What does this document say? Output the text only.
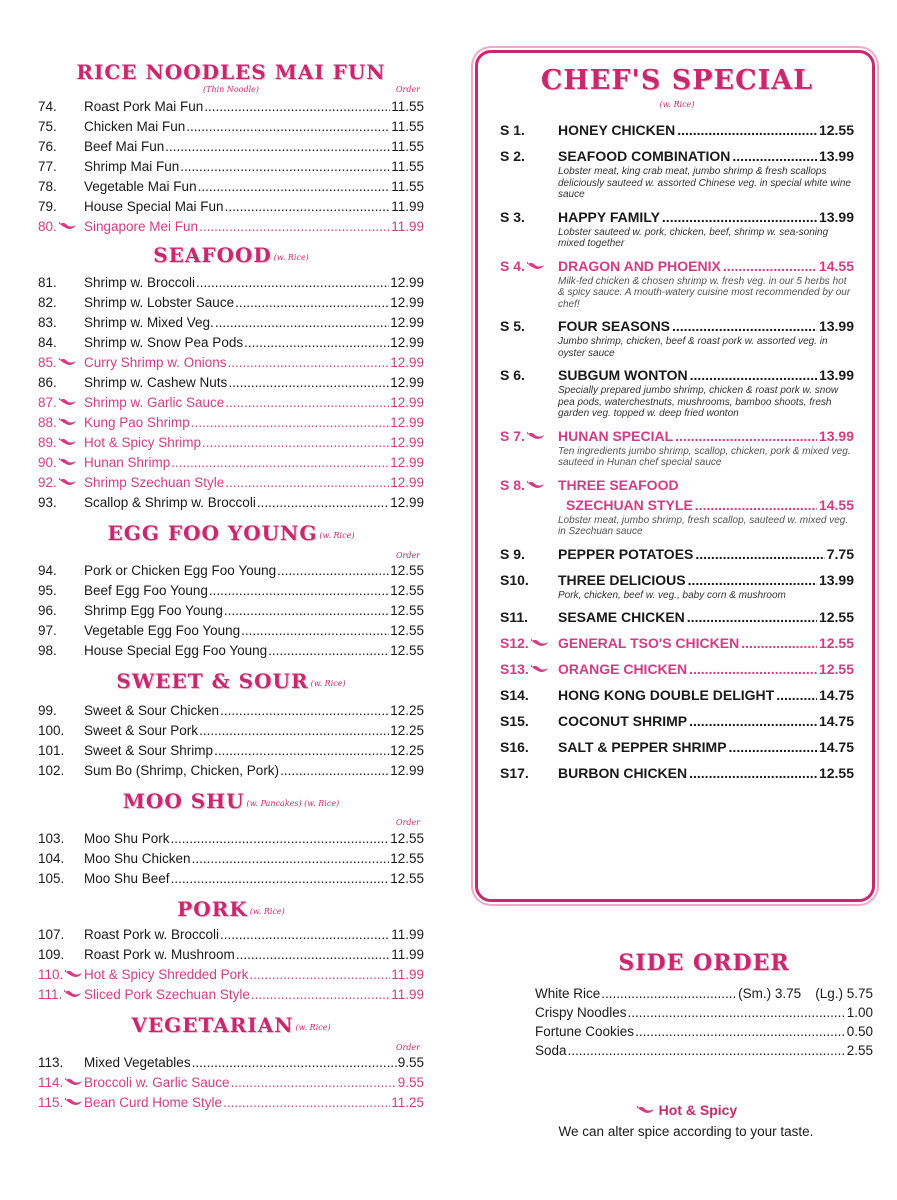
RICE NOODLES MAI FUN
(Thin Noodle)	Order
74. Roast Pork Mai Fun .....	11.55
75. Chicken Mai Fun .....	11.55
76. Beef Mai Fun .....	11.55
77. Shrimp Mai Fun .....	11.55
78. Vegetable Mai Fun .....	11.55
79. House Special Mai Fun .....	11.99
80. Singapore Mei Fun .....	11.99
SEAFOOD (w. Rice)
81. Shrimp w. Broccoli .....	12.99
82. Shrimp w. Lobster Sauce .....	12.99
83. Shrimp w. Mixed Veg. .....	12.99
84. Shrimp w. Snow Pea Pods .....	12.99
85. Curry Shrimp w. Onions .....	12.99
86. Shrimp w. Cashew Nuts .....	12.99
87. Shrimp w. Garlic Sauce .....	12.99
88. Kung Pao Shrimp .....	12.99
89. Hot & Spicy Shrimp .....	12.99
90. Hunan Shrimp .....	12.99
92. Shrimp Szechuan Style .....	12.99
93. Scallop & Shrimp w. Broccoli .....	12.99
EGG FOO YOUNG (w. Rice)
Order
94. Pork or Chicken Egg Foo Young .....	12.55
95. Beef Egg Foo Young .....	12.55
96. Shrimp Egg Foo Young .....	12.55
97. Vegetable Egg Foo Young .....	12.55
98. House Special Egg Foo Young .....	12.55
SWEET & SOUR (w. Rice)
99. Sweet & Sour Chicken .....	12.25
100. Sweet & Sour Pork .....	12.25
101. Sweet & Sour Shrimp .....	12.25
102. Sum Bo (Shrimp, Chicken, Pork) .....	12.99
MOO SHU (w. Pancakes) (w. Rice)
Order
103. Moo Shu Pork .....	12.55
104. Moo Shu Chicken .....	12.55
105. Moo Shu Beef .....	12.55
PORK (w. Rice)
107. Roast Pork w. Broccoli .....	11.99
109. Roast Pork w. Mushroom .....	11.99
110. Hot & Spicy Shredded Pork .....	11.99
111. Sliced Pork Szechuan Style .....	11.99
VEGETARIAN (w. Rice)
Order
113. Mixed Vegetables .....	9.55
114. Broccoli w. Garlic Sauce .....	9.55
115. Bean Curd Home Style .....	11.25
CHEF'S SPECIAL
(w. Rice)
S 1. HONEY CHICKEN .....	12.55
S 2. SEAFOOD COMBINATION .....	13.99
Lobster meat, king crab meat, jumbo shrimp & fresh scallops deliciously sauteed w. assorted Chinese veg. in special white wine sauce
S 3. HAPPY FAMILY .....	13.99
Lobster sauteed w. pork, chicken, beef, shrimp w. sea-soning mixed together
S 4. DRAGON AND PHOENIX .....	14.55
Milk-fed chicken & chosen shrimp w. fresh veg. in our 5 herbs hot & spicy sauce. A mouth-watery cuisine most recommended by our chef!
S 5. FOUR SEASONS .....	13.99
Jumbo shrimp, chicken, beef & roast pork w. assorted veg. in oyster sauce
S 6. SUBGUM WONTON .....	13.99
Specially prepared jumbo shrimp, chicken & roast pork w. snow pea pods, waterchestnuts, mushrooms, bamboo shoots, fresh garden veg. topped w. deep fried wonton
S 7. HUNAN SPECIAL .....	13.99
Ten ingredients jumbo shrimp, scallop, chicken, pork & mixed veg. sauteed in Hunan chef special sauce
S 8. THREE SEAFOOD
SZECHUAN STYLE .....	14.55
Lobster meat, jumbo shrimp, fresh scallop, sauteed w. mixed veg. in Szechuan sauce
S 9. PEPPER POTATOES .....	7.75
S10. THREE DELICIOUS .....	13.99
Pork, chicken, beef w. veg., baby corn & mushroom
S11. SESAME CHICKEN .....	12.55
S12. GENERAL TSO'S CHICKEN .....	12.55
S13. ORANGE CHICKEN .....	12.55
S14. HONG KONG DOUBLE DELIGHT .....	14.75
S15. COCONUT SHRIMP .....	14.75
S16. SALT & PEPPER SHRIMP .....	14.75
S17. BURBON CHICKEN .....	12.55
SIDE ORDER
White Rice .....	(Sm.) 3.75 (Lg.) 5.75
Crispy Noodles .....	1.00
Fortune Cookies .....	0.50
Soda .....	2.55
Hot & Spicy
We can alter spice according to your taste.
